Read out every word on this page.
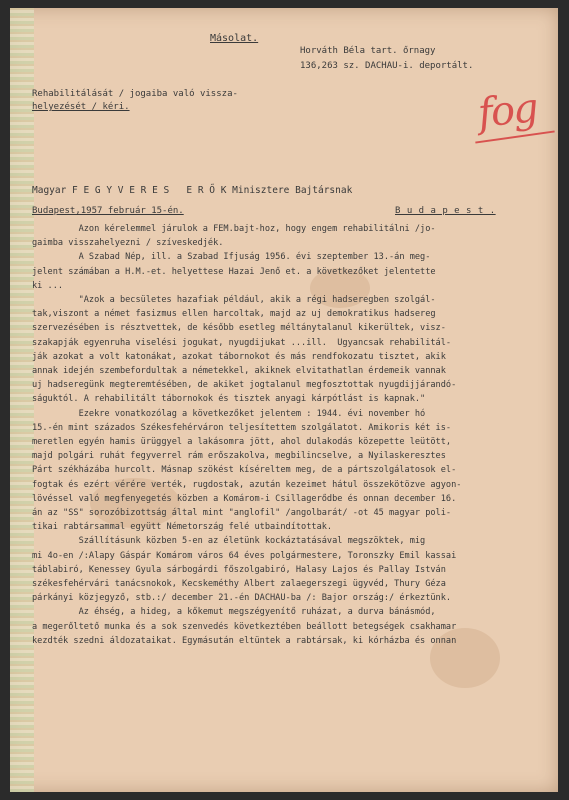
Másolat.
Horváth Béla tart. őrnagy
136,263 sz. DACHAU-i. deportált.
Rehabilitálását / jogaiba való vissza-
helyezését / kéri.	fog
Magyar F E G Y V E R E S   E R Ő K Minisztere Bajtársnak
Budapest,1957 február 15-én.	B u d a p e s t .
Azon kérelemmel járulok a FEM.bajt-hoz, hogy engem rehabilitálni /jo-
gaimba visszahelyezni / szíveskedjék.
A Szabad Nép, ill. a Szabad Ifjuság 1956. évi szeptember 13.-án meg-
jelent számában a H.M.-et. helyettese Hazai Jenő et. a következőket jelentette
ki ...
"Azok a becsületes hazafiak például, akik a régi hadseregben szolgál-
tak,viszont a német fasizmus ellen harcoltak, majd az uj demokratikus hadsereg
szervezésében is résztvettek, de később esetleg méltánytalanul kikerültek, visz-
szakapják egyenruha viselési jogukat, nyugdijukat ...ill.  Ugyancsak rehabilitál-
ják azokat a volt katonákat, azokat tábornokot és más rendfokozatu tisztet, akik
annak idején szembefordultak a németekkel, akiknek elvitathatlan érdemeik vannak
uj hadseregünk megteremtésében, de akiket jogtalanul megfosztottak nyugdijjárandó-
ságuktól. A rehabilitált tábornokok és tisztek anyagi kárpótlást is kapnak."
Ezekre vonatkozólag a következőket jelentem : 1944. évi november hó
15.-én mint százados Székesfehérváron teljesítettem szolgálatot. Amikoris két is-
meretlen egyén hamis ürüggyel a lakásomra jött, ahol dulakodás közepette leütött,
majd polgári ruhát fegyverrel rám erőszakolva, megbilincselve, a Nyilaskeresztes
Párt székházába hurcolt. Másnap szökést kíséreltem meg, de a pártszolgálatosok el-
fogtak és ezért vérére verték, rugdostak, azután kezeimet hátul összekötözve agyon-
lövéssel való megfenyegetés közben a Komárom-i Csillagerődbe és onnan december 16.
án az "SS" sorozóbizottság által mint "anglofil" /angolbarát/ -ot 45 magyar poli-
tikai rabtársammal együtt Németország felé utbaindítottak.
Szállításunk közben 5-en az életünk kockáztatásával megszöktek, mig
mi 4o-en /:Alapy Gáspár Komárom város 64 éves polgármestere, Toronszky Emil kassai
táblabiró, Kenessey Gyula sárbogárdi főszolgabiró, Halasy Lajos és Pallay István
székesfehérvári tanácsnokok, Kecskeméthy Albert zalaegerszegi ügyvéd, Thury Géza
párkányi közjegyző, stb.:/ december 21.-én DACHAU-ba /: Bajor ország:/ érkeztünk.
Az éhség, a hideg, a kőkemut megszégyenítő ruházat, a durva bánásmód,
a megerőltető munka és a sok szenvedés következtében beállott betegségek csakhamar
kezdték szedni áldozataikat. Egymásután eltüntek a rabtársak, ki kórházba és onnan
